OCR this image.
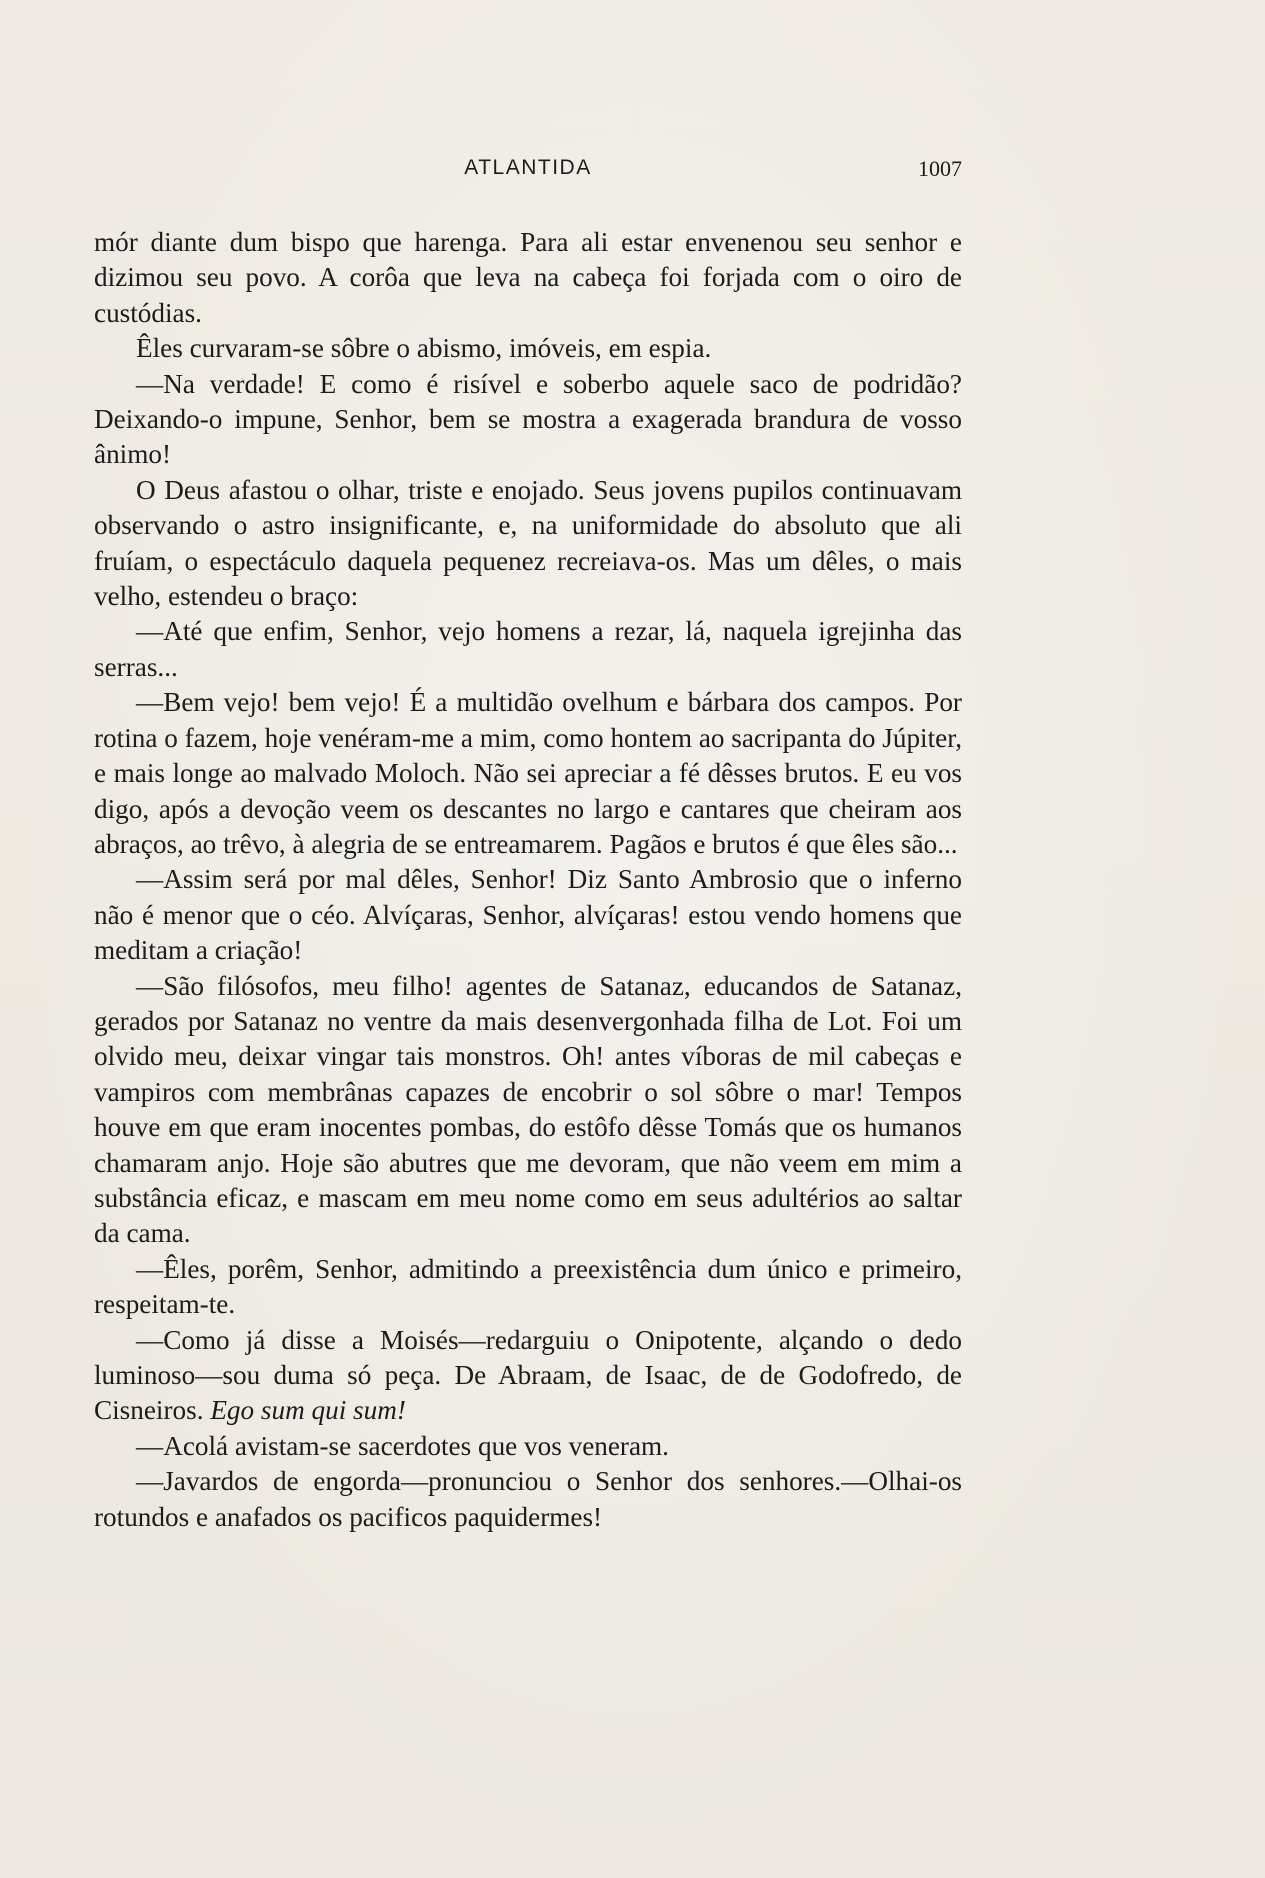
ATLANTIDA	1007

mór diante dum bispo que harenga. Para ali estar envenenou seu senhor e dizimou seu povo. A corôa que leva na cabeça foi forjada com o oiro de custódias.

Êles curvaram-se sôbre o abismo, imóveis, em espia.

—Na verdade! E como é risível e soberbo aquele saco de podridão? Deixando-o impune, Senhor, bem se mostra a exagerada brandura de vosso ânimo!

O Deus afastou o olhar, triste e enojado. Seus jovens pupilos continuavam observando o astro insignificante, e, na uniformidade do absoluto que ali fruíam, o espectáculo daquela pequenez recreiava-os. Mas um dêles, o mais velho, estendeu o braço:

—Até que enfim, Senhor, vejo homens a rezar, lá, naquela igrejinha das serras...

—Bem vejo! bem vejo! É a multidão ovelhum e bárbara dos campos. Por rotina o fazem, hoje venéram-me a mim, como hontem ao sacripanta do Júpiter, e mais longe ao malvado Moloch. Não sei apreciar a fé dêsses brutos. E eu vos digo, após a devoção veem os descantes no largo e cantares que cheiram aos abraços, ao trêvo, à alegria de se entreamarem. Pagãos e brutos é que êles são...

—Assim será por mal dêles, Senhor! Diz Santo Ambrosio que o inferno não é menor que o céo. Alvíçaras, Senhor, alvíçaras! estou vendo homens que meditam a criação!

—São filósofos, meu filho! agentes de Satanaz, educandos de Satanaz, gerados por Satanaz no ventre da mais desenvergonhada filha de Lot. Foi um olvido meu, deixar vingar tais monstros. Oh! antes víboras de mil cabeças e vampiros com membrânas capazes de encobrir o sol sôbre o mar! Tempos houve em que eram inocentes pombas, do estôfo dêsse Tomás que os humanos chamaram anjo. Hoje são abutres que me devoram, que não veem em mim a substância eficaz, e mascam em meu nome como em seus adultérios ao saltar da cama.

—Êles, porêm, Senhor, admitindo a preexistência dum único e primeiro, respeitam-te.

—Como já disse a Moisés—redarguiu o Onipotente, alçando o dedo luminoso—sou duma só peça. De Abraam, de Isaac, de de Godofredo, de Cisneiros. Ego sum qui sum!

—Acolá avistam-se sacerdotes que vos veneram.

—Javardos de engorda—pronunciou o Senhor dos senhores.—Olhai-os rotundos e anafados os pacificos paquidermes!
